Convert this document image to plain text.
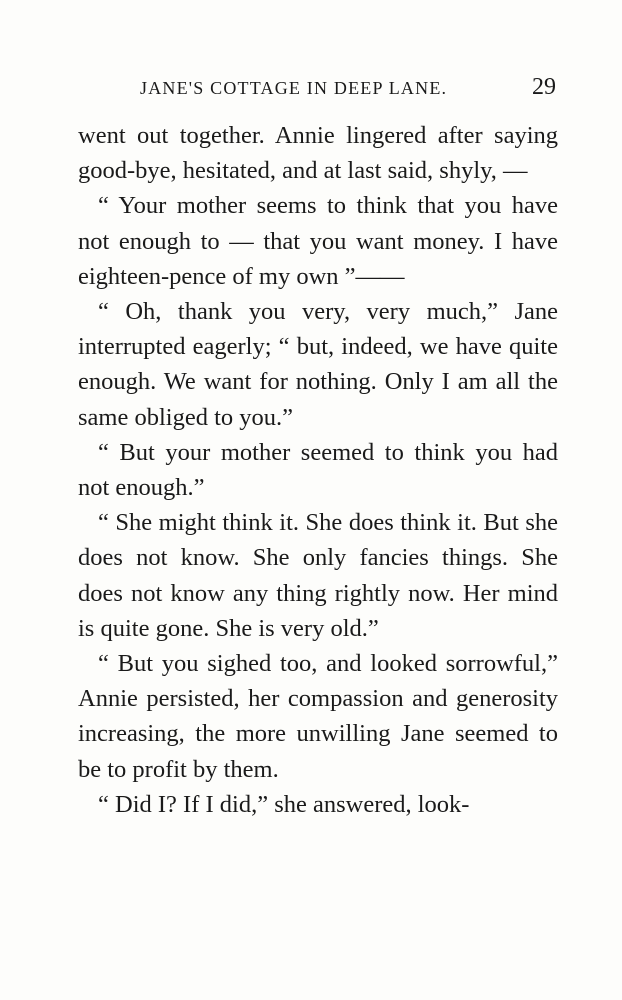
JANE'S COTTAGE IN DEEP LANE.	29

went out together. Annie lingered after saying good-bye, hesitated, and at last said, shyly, —

“ Your mother seems to think that you have not enough to — that you want money. I have eighteen-pence of my own ”——

“ Oh, thank you very, very much,” Jane interrupted eagerly; “ but, indeed, we have quite enough. We want for nothing. Only I am all the same obliged to you.”

“ But your mother seemed to think you had not enough.”

“ She might think it. She does think it. But she does not know. She only fancies things. She does not know any thing rightly now. Her mind is quite gone. She is very old.”

“ But you sighed too, and looked sorrowful,” Annie persisted, her compassion and generosity increasing, the more unwilling Jane seemed to be to profit by them.

“ Did I? If I did,” she answered, look-
